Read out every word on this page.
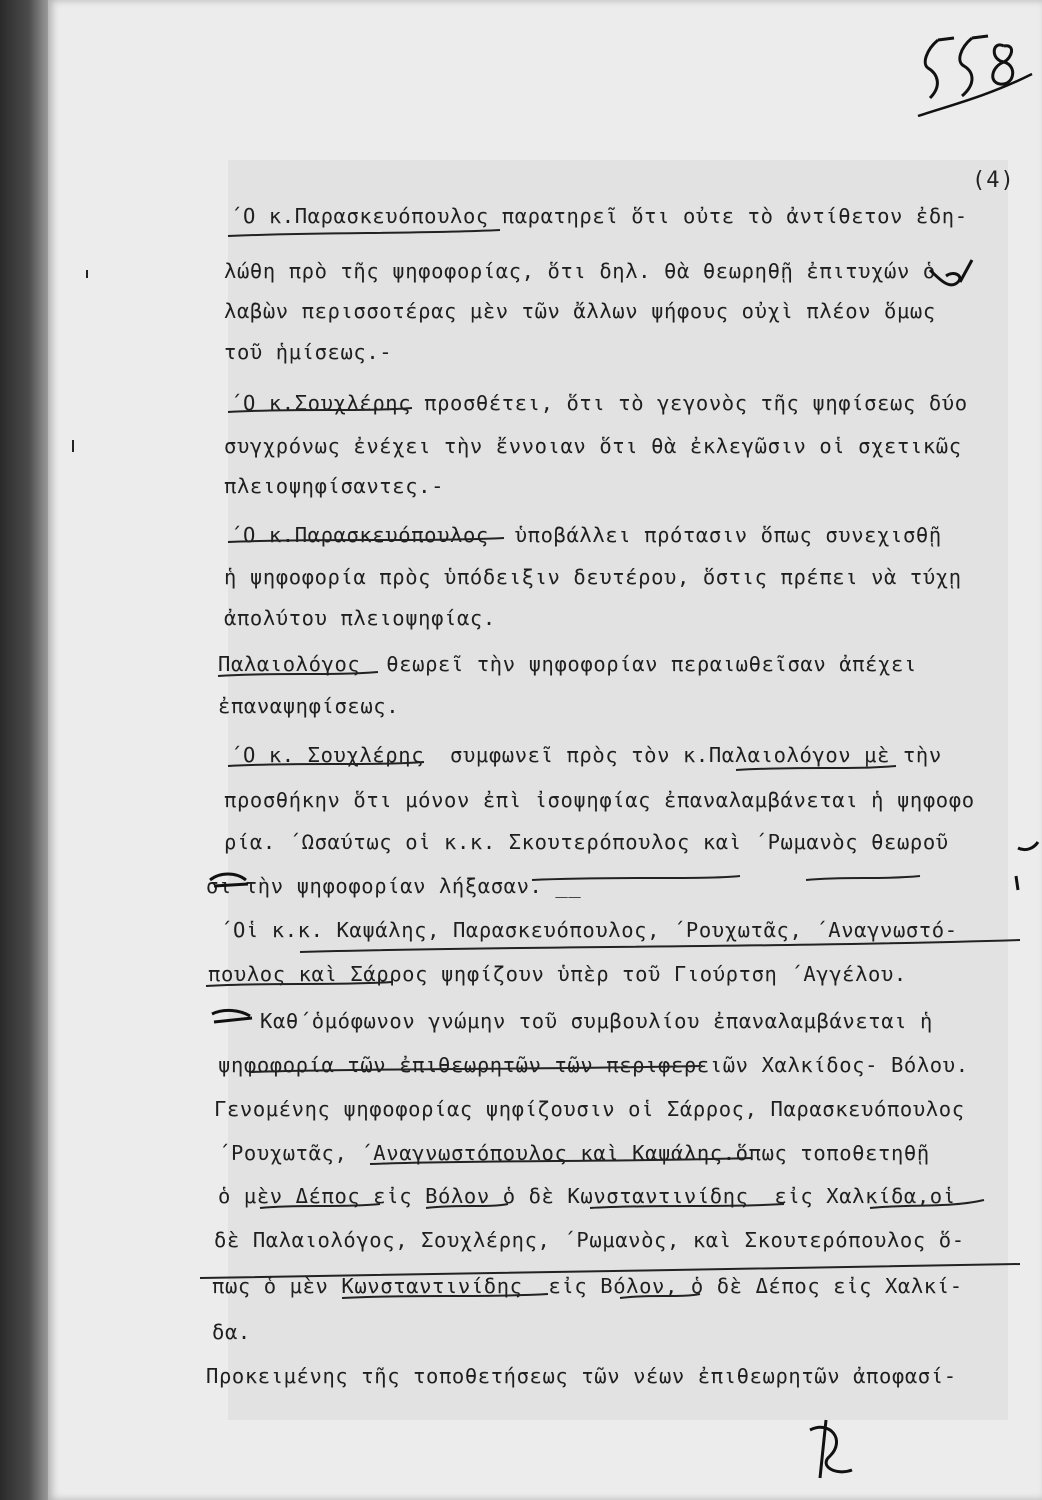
(4)
΄Ο κ.Παρασκευόπουλος παρατηρεῖ ὅτι οὐτε τὸ ἀντίθετον ἐδη-
λώθη πρὸ τῆς ψηφοφορίας, ὅτι δηλ. θὰ θεωρηθῇ ἐπιτυχών ὁ
λαβὼν περισσοτέρας μὲν τῶν ἄλλων ψήφους οὐχὶ πλέον ὅμως
τοῦ ἡμίσεως.-
΄Ο κ.Σουχλέρης προσθέτει, ὅτι τὸ γεγονὸς τῆς ψηφίσεως δύο
συγχρόνως ἐνέχει τὴν ἔννοιαν ὅτι θὰ ἐκλεγῶσιν οἱ σχετικῶς
πλειοψηφίσαντες.-
΄Ο κ.Παρασκευόπουλος  ὑποβάλλει πρότασιν ὅπως συνεχισθῇ
ἡ ψηφοφορία πρὸς ὑπόδειξιν δευτέρου, ὅστις πρέπει νὰ τύχῃ
ἀπολύτου πλειοψηφίας.
Παλαιολόγος  θεωρεῖ τὴν ψηφοφορίαν περαιωθεῖσαν ἀπέχει
ἐπαναψηφίσεως.
΄Ο κ. Σουχλέρης  συμφωνεῖ πρὸς τὸν κ.Παλαιολόγον μὲ τὴν
προσθήκην ὅτι μόνον ἐπὶ ἰσοψηφίας ἐπαναλαμβάνεται ἡ ψηφοφο
ρία. ΄Ωσαύτως οἱ κ.κ. Σκουτερόπουλος καὶ ΄Ρωμανὸς θεωροῦ
σι τὴν ψηφοφορίαν λήξασαν. __
΄Οἱ κ.κ. Καψάλης, Παρασκευόπουλος, ΄Ρουχωτᾶς, ΄Αναγνωστό-
πουλος καὶ Σάρρος ψηφίζουν ὑπὲρ τοῦ Γιούρτση ΄Αγγέλου.
Καθ΄ὁμόφωνον γνώμην τοῦ συμβουλίου ἐπαναλαμβάνεται ἡ
ψηφοφορία τῶν ἐπιθεωρητῶν τῶν περιφερειῶν Χαλκίδος- Βόλου.
Γενομένης ψηφοφορίας ψηφίζουσιν οἱ Σάρρος, Παρασκευόπουλος
΄Ρουχωτᾶς, ΄Αναγνωστόπουλος καὶ Καψάλης.ὅπως τοποθετηθῇ
ὁ μὲν Δέπος εἰς Βόλον ὁ δὲ Κωνσταντινίδης  εἰς Χαλκίδα,οἱ
δὲ Παλαιολόγος, Σουχλέρης, ΄Ρωμανὸς, καὶ Σκουτερόπουλος ὅ-
πως ὁ μὲν Κωνσταντινίδης  εἰς Βόλον, ὁ δὲ Δέπος εἰς Χαλκί-
δα.
Προκειμένης τῆς τοποθετήσεως τῶν νέων ἐπιθεωρητῶν ἀποφασί-
